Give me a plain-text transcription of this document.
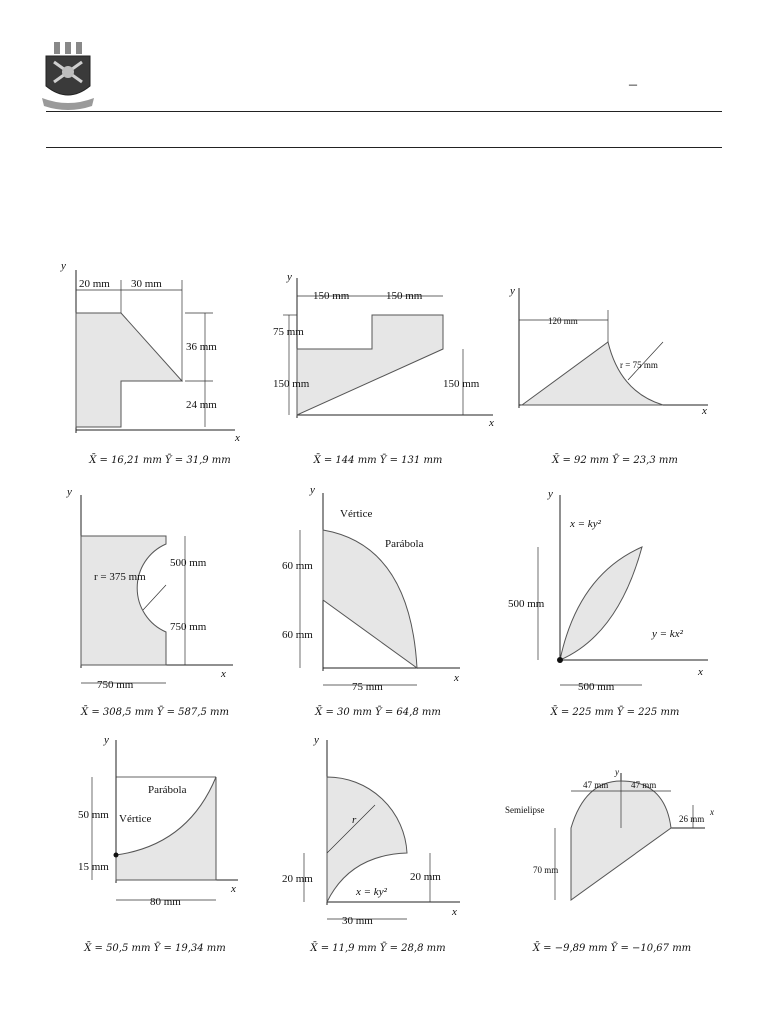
–
y
x
20 mm 30 mm
36 mm
24 mm
X̄ = 16,21 mm Ȳ = 31,9 mm
y
x
150 mm	150 mm
75 mm
150 mm	150 mm
X̄ = 144 mm Ȳ = 131 mm
y
x
120 mm
r = 75 mm
X̄ = 92 mm Ȳ = 23,3 mm
y
x
500 mm
r = 375 mm
750 mm
750 mm
X̄ = 308,5 mm Ȳ = 587,5 mm
y
x
Vértice
Parábola
60 mm
60 mm
75 mm
X̄ = 30 mm Ȳ = 64,8 mm
y
x
x = ky²
500 mm
y = kx²
500 mm
X̄ = 225 mm Ȳ = 225 mm
y
x
Parábola
50 mm Vértice
15 mm
80 mm
X̄ = 50,5 mm Ȳ = 19,34 mm
y
x
r
20 mm
x = ky²
20 mm
30 mm
X̄ = 11,9 mm Ȳ = 28,8 mm
y
x
47 mm	47 mm
Semielipse
26 mm
70 mm
X̄ = −9,89 mm Ȳ = −10,67 mm
